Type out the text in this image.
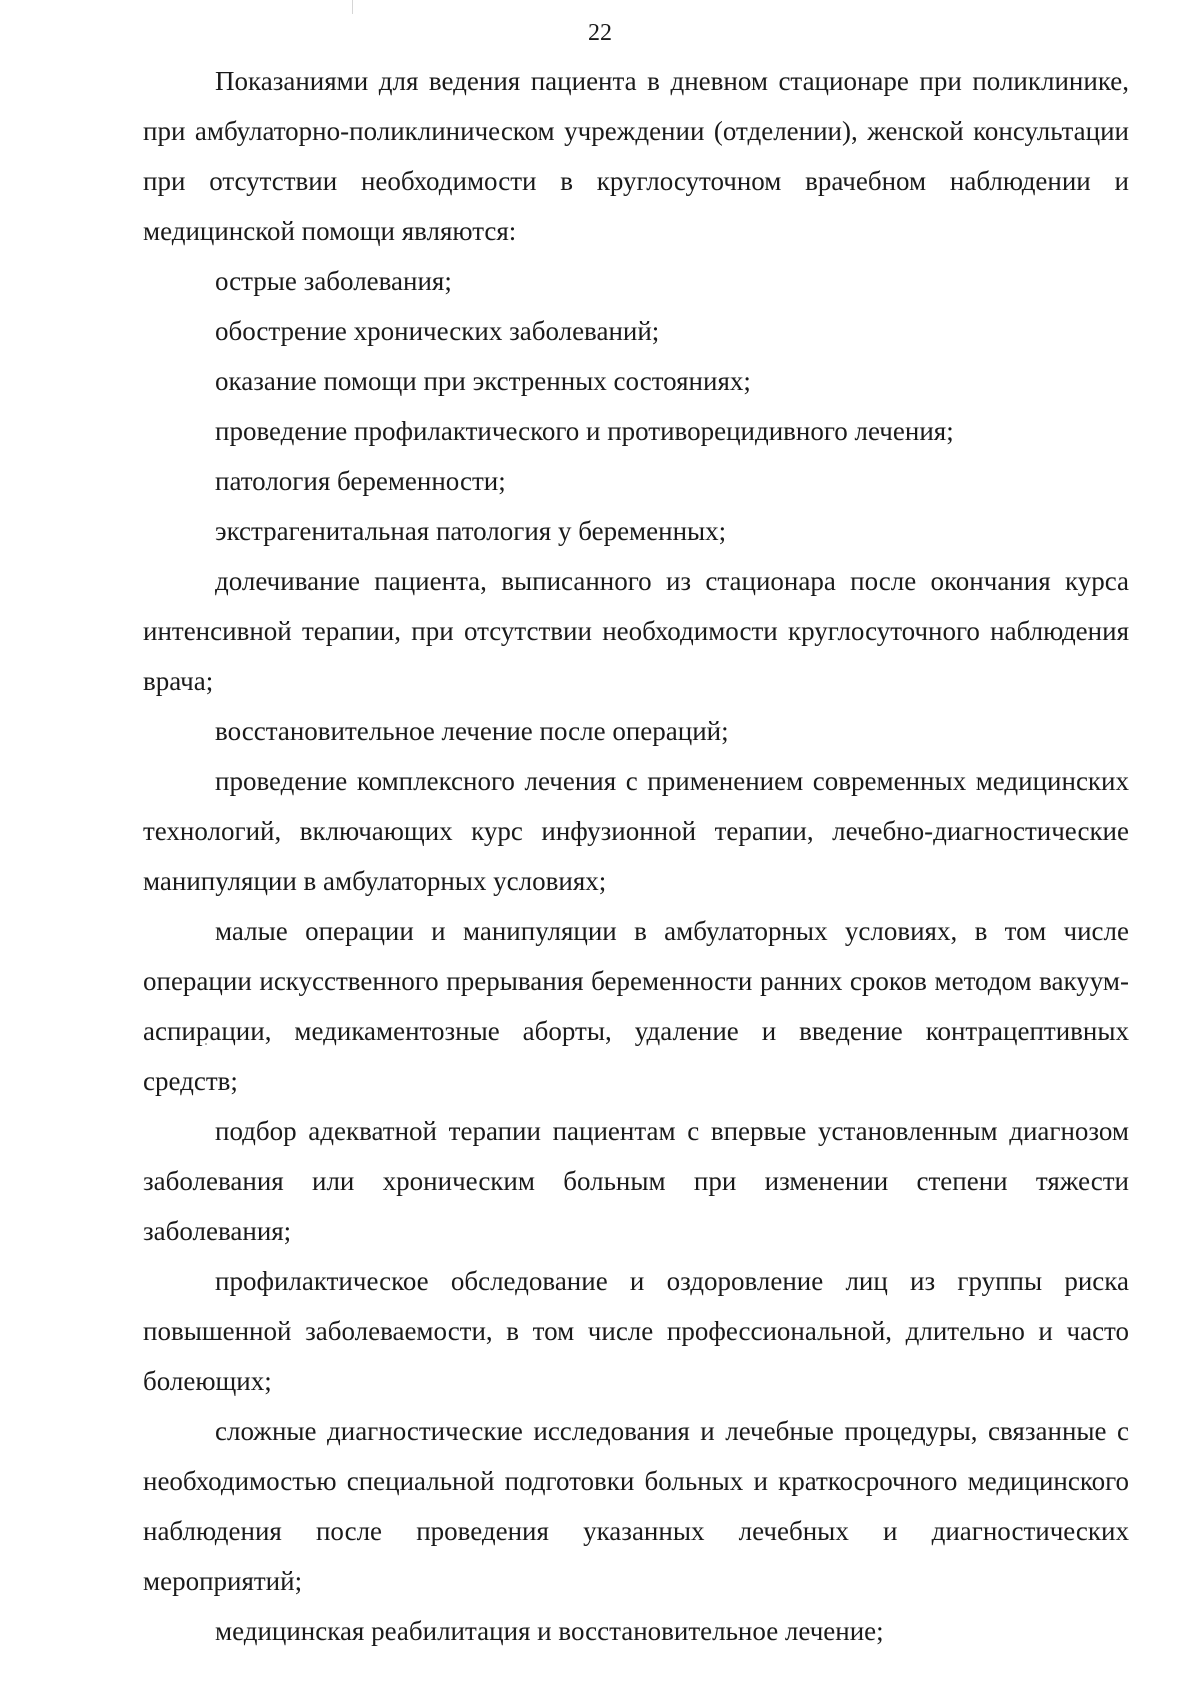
22

Показаниями для ведения пациента в дневном стационаре при поликлинике, при амбулаторно-поликлиническом учреждении (отделении), женской консультации при отсутствии необходимости в круглосуточном врачебном наблюдении и медицинской помощи являются:

острые заболевания;

обострение хронических заболеваний;

оказание помощи при экстренных состояниях;

проведение профилактического и противорецидивного лечения;

патология беременности;

экстрагенитальная патология у беременных;

долечивание пациента, выписанного из стационара после окончания курса интенсивной терапии, при отсутствии необходимости круглосуточного наблюдения врача;

восстановительное лечение после операций;

проведение комплексного лечения с применением современных медицинских технологий, включающих курс инфузионной терапии, лечебно-диагностические манипуляции в амбулаторных условиях;

малые операции и манипуляции в амбулаторных условиях, в том числе операции искусственного прерывания беременности ранних сроков методом вакуум-аспирации, медикаментозные аборты, удаление и введение контрацептивных средств;

подбор адекватной терапии пациентам с впервые установленным диагнозом заболевания или хроническим больным при изменении степени тяжести заболевания;

профилактическое обследование и оздоровление лиц из группы риска повышенной заболеваемости, в том числе профессиональной, длительно и часто болеющих;

сложные диагностические исследования и лечебные процедуры, связанные с необходимостью специальной подготовки больных и краткосрочного медицинского наблюдения после проведения указанных лечебных и диагностических мероприятий;

медицинская реабилитация и восстановительное лечение;
